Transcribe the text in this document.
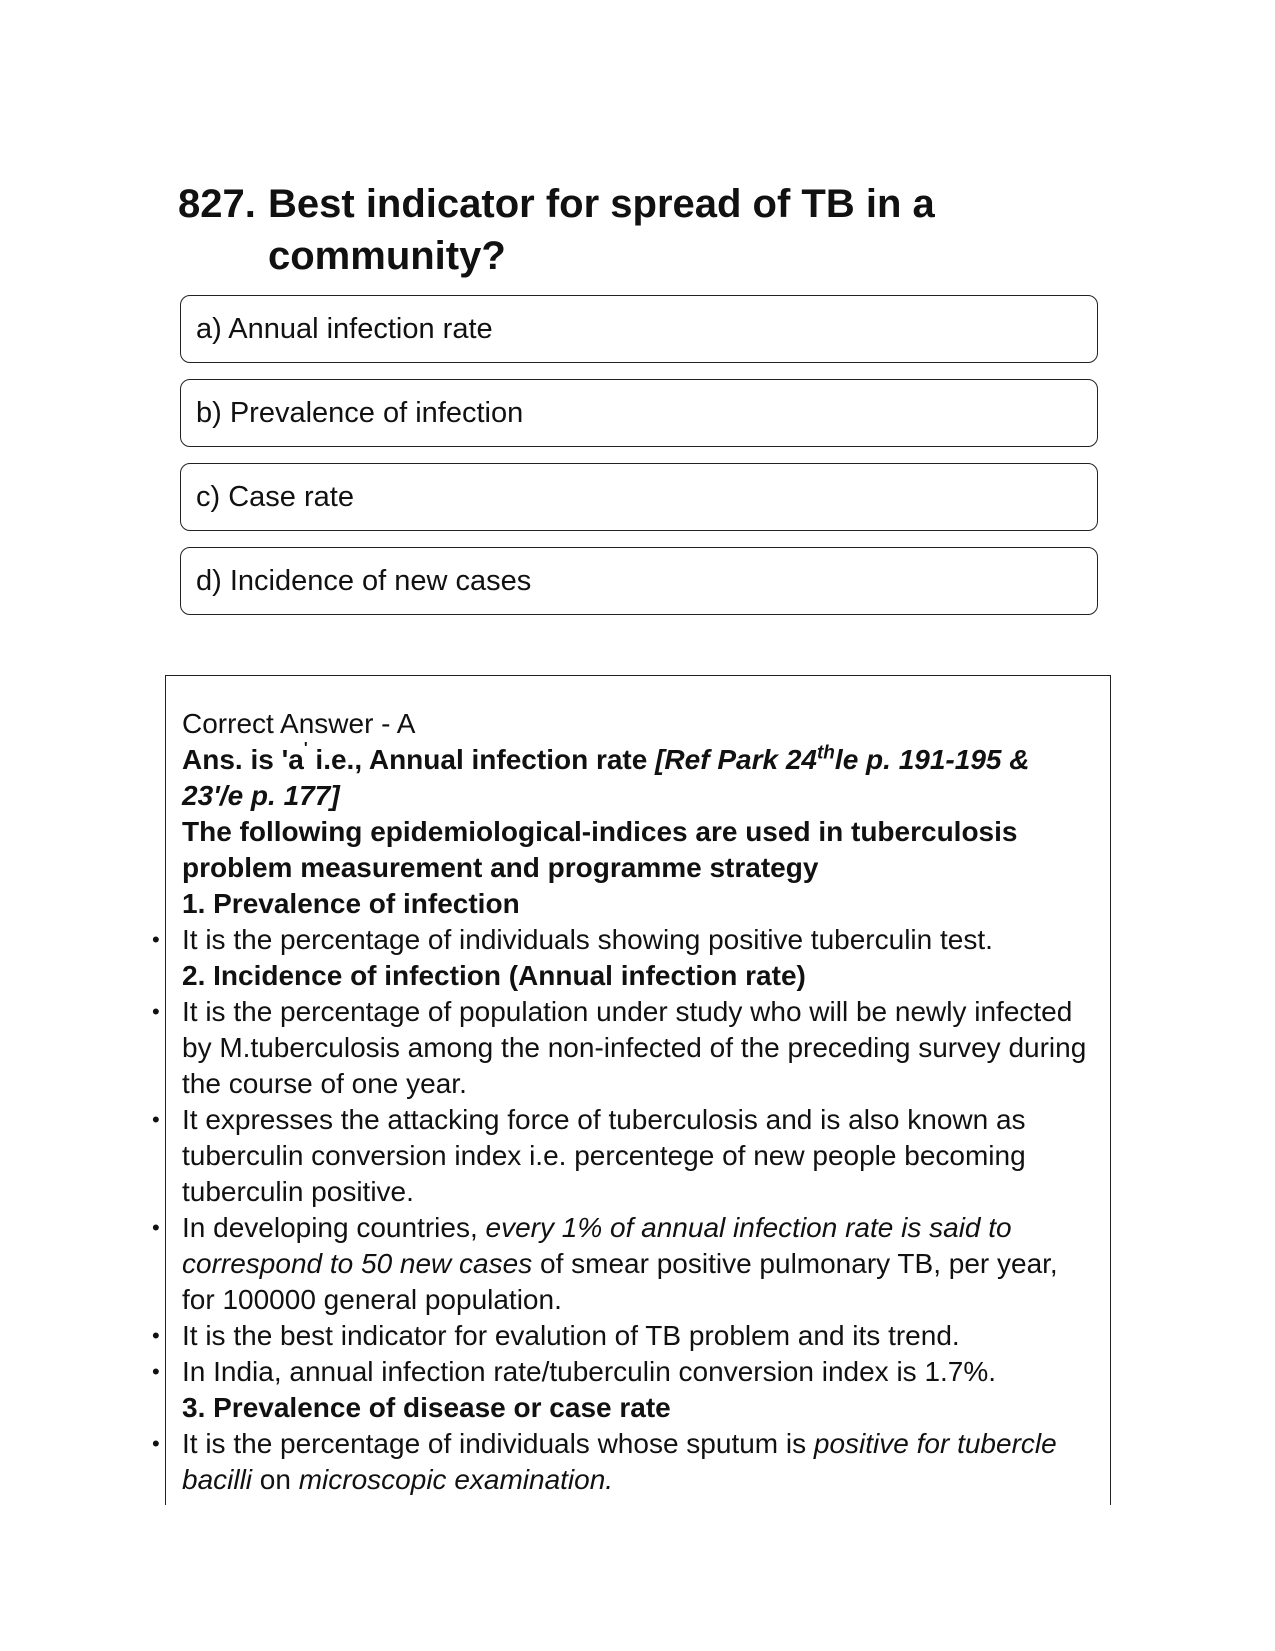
827. Best indicator for spread of TB in a community?
a) Annual infection rate
b) Prevalence of infection
c) Case rate
d) Incidence of new cases

Correct Answer - A

Ans. is 'a' i.e., Annual infection rate [Ref Park 24thle p. 191-195 & 23'/e p. 177]

The following epidemiological-indices are used in tuberculosis problem measurement and programme strategy

1. Prevalence of infection

• It is the percentage of individuals showing positive tuberculin test.

2. Incidence of infection (Annual infection rate)

• It is the percentage of population under study who will be newly infected by M.tuberculosis among the non-infected of the preceding survey during the course of one year.

• It expresses the attacking force of tuberculosis and is also known as tuberculin conversion index i.e. percentege of new people becoming tuberculin positive.

• In developing countries, every 1% of annual infection rate is said to correspond to 50 new cases of smear positive pulmonary TB, per year, for 100000 general population.

• It is the best indicator for evalution of TB problem and its trend.

• In India, annual infection rate/tuberculin conversion index is 1.7%.

3. Prevalence of disease or case rate

• It is the percentage of individuals whose sputum is positive for tubercle bacilli on microscopic examination.
